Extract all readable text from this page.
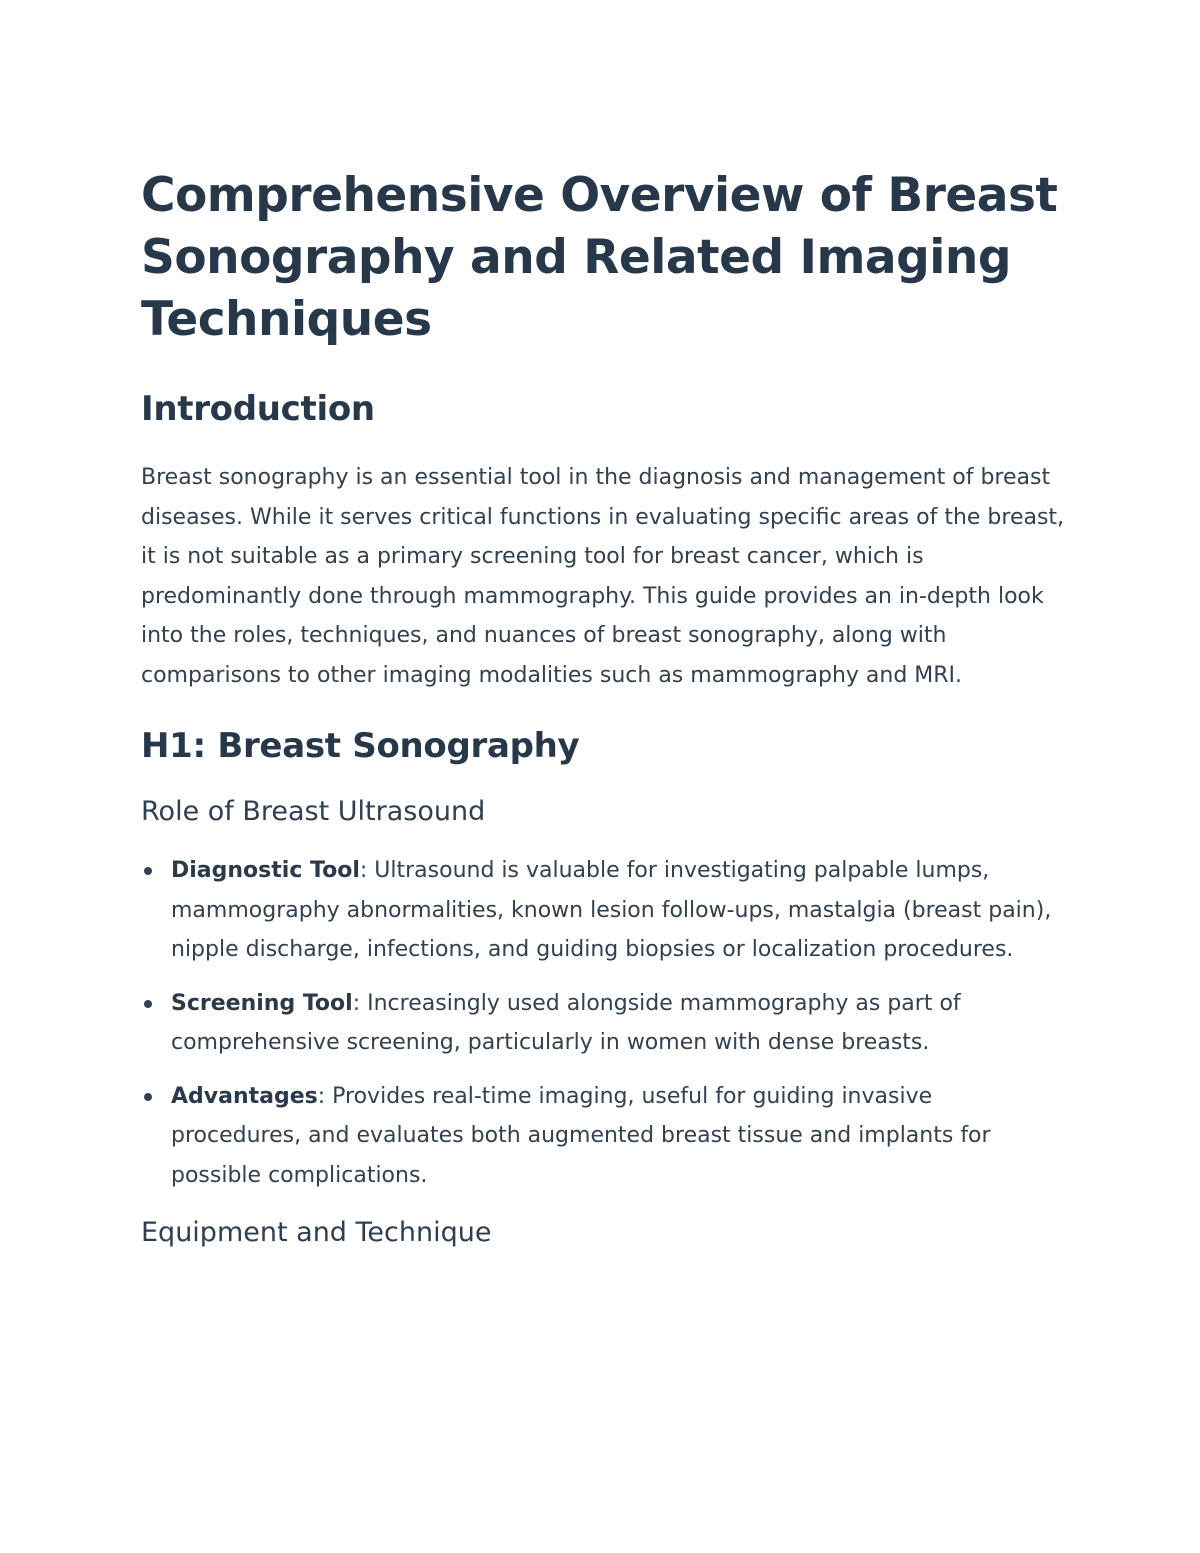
Comprehensive Overview of Breast Sonography and Related Imaging Techniques
Introduction

Breast sonography is an essential tool in the diagnosis and management of breast diseases. While it serves critical functions in evaluating specific areas of the breast, it is not suitable as a primary screening tool for breast cancer, which is predominantly done through mammography. This guide provides an in-depth look into the roles, techniques, and nuances of breast sonography, along with comparisons to other imaging modalities such as mammography and MRI.

H1: Breast Sonography
Role of Breast Ultrasound
Diagnostic Tool: Ultrasound is valuable for investigating palpable lumps, mammography abnormalities, known lesion follow-ups, mastalgia (breast pain), nipple discharge, infections, and guiding biopsies or localization procedures.
Screening Tool: Increasingly used alongside mammography as part of comprehensive screening, particularly in women with dense breasts.
Advantages: Provides real-time imaging, useful for guiding invasive procedures, and evaluates both augmented breast tissue and implants for possible complications.
Equipment and Technique
